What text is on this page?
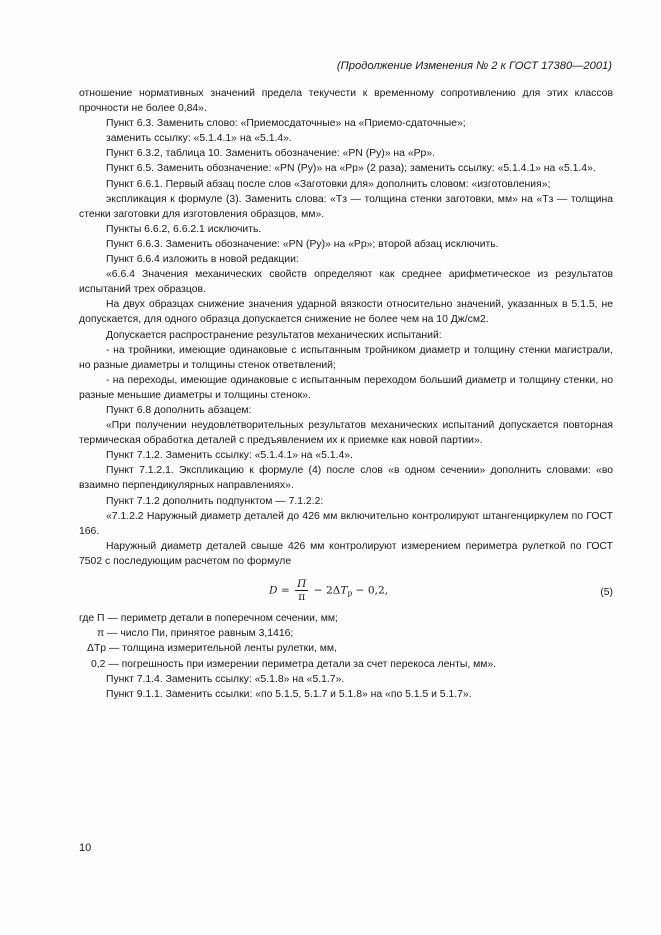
(Продолжение Изменения № 2 к ГОСТ 17380—2001)

отношение нормативных значений предела текучести к временному сопротивлению для этих классов прочности не более 0,84».

Пункт 6.3. Заменить слово: «Приемосдаточные» на «Приемо-сдаточные»;

заменить ссылку: «5.1.4.1» на «5.1.4».

Пункт 6.3.2, таблица 10. Заменить обозначение: «PN (Pу)» на «Pр».

Пункт 6.5. Заменить обозначение: «PN (Pу)» на «Pр» (2 раза); заменить ссылку: «5.1.4.1» на «5.1.4».

Пункт 6.6.1. Первый абзац после слов «Заготовки для» дополнить словом: «изготовления»;

экспликация к формуле (3). Заменить слова: «Tз — толщина стенки заготовки, мм» на «Tз — толщина стенки заготовки для изготовления образцов, мм».

Пункты 6.6.2, 6.6.2.1 исключить.

Пункт 6.6.3. Заменить обозначение: «PN (Pу)» на «Pр»; второй абзац исключить.

Пункт 6.6.4 изложить в новой редакции:

«6.6.4 Значения механических свойств определяют как среднее арифметическое из результатов испытаний трех образцов.

На двух образцах снижение значения ударной вязкости относительно значений, указанных в 5.1.5, не допускается, для одного образца допускается снижение не более чем на 10 Дж/см2.

Допускается распространение результатов механических испытаний:

- на тройники, имеющие одинаковые с испытанным тройником диаметр и толщину стенки магистрали, но разные диаметры и толщины стенок ответвлений;

- на переходы, имеющие одинаковые с испытанным переходом больший диаметр и толщину стенки, но разные меньшие диаметры и толщины стенок».

Пункт 6.8 дополнить абзацем:

«При получении неудовлетворительных результатов механических испытаний допускается повторная термическая обработка деталей с предъявлением их к приемке как новой партии».

Пункт 7.1.2. Заменить ссылку: «5.1.4.1» на «5.1.4».

Пункт 7.1.2.1. Экспликацию к формуле (4) после слов «в одном сечении» дополнить словами: «во взаимно перпендикулярных направлениях».

Пункт 7.1.2 дополнить подпунктом — 7.1.2.2:

«7.1.2.2 Наружный диаметр деталей до 426 мм включительно контролируют штангенциркулем по ГОСТ 166.

Наружный диаметр деталей свыше 426 мм контролируют измерением периметра рулеткой по ГОСТ 7502 с последующим расчетом по формуле

$D = \frac{П}{\pi} - 2\Delta T_р - 0,2$,	(5)

где П — периметр детали в поперечном сечении, мм;

π — число Пи, принятое равным 3,1416;

ΔTр — толщина измерительной ленты рулетки, мм,

0,2 — погрешность при измерении периметра детали за счет перекоса ленты, мм».

Пункт 7.1.4. Заменить ссылку: «5.1.8» на «5.1.7».

Пункт 9.1.1. Заменить ссылки: «по 5.1.5, 5.1.7 и 5.1.8» на «по 5.1.5 и 5.1.7».

10
